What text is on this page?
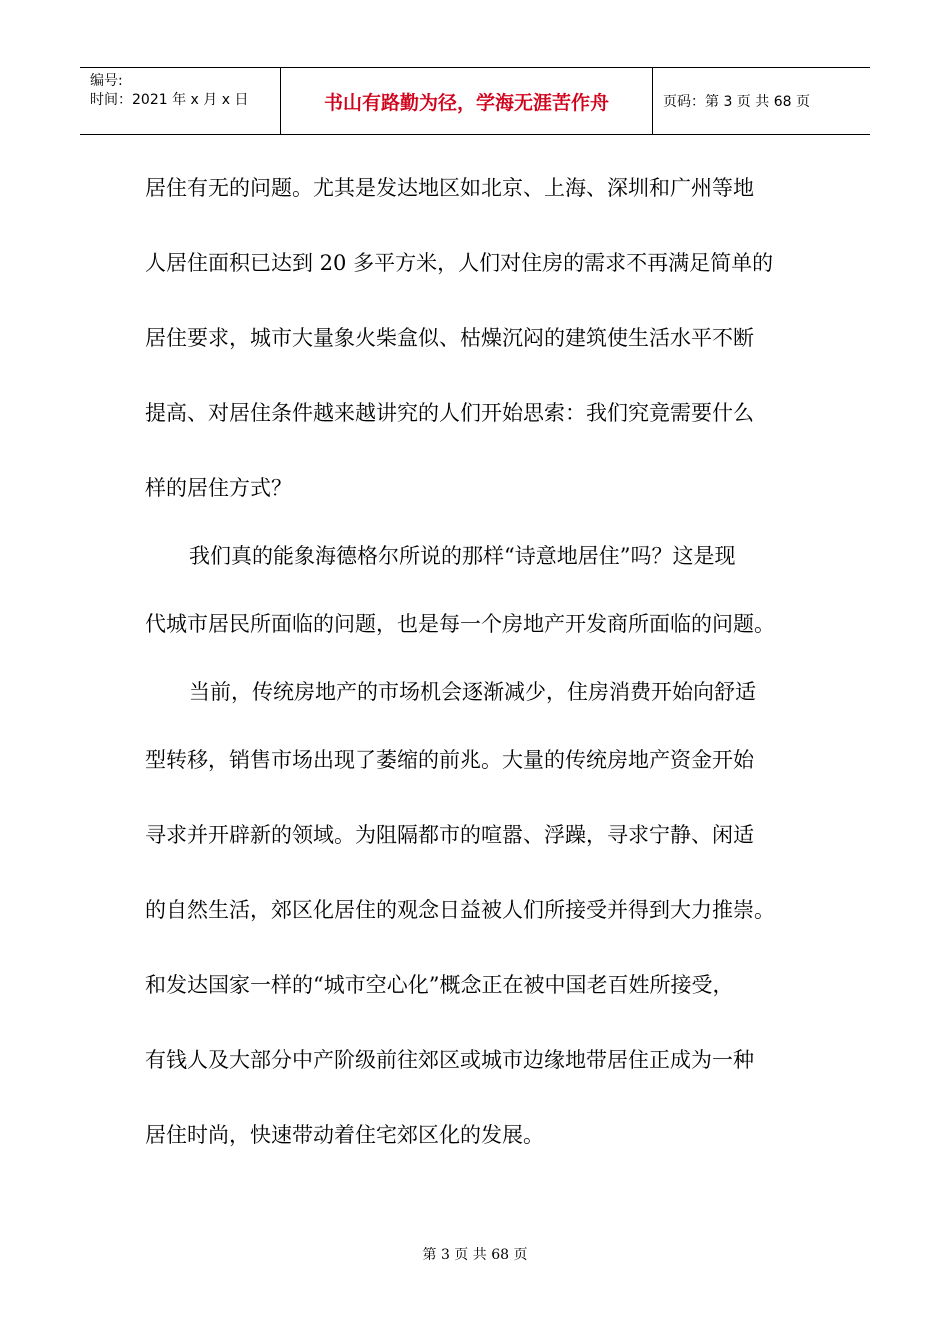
编号:
时间：2021 年 x 月 x 日	书山有路勤为径，学海无涯苦作舟	页码：第 3 页 共 68 页
居住有无的问题。尤其是发达地区如北京、上海、深圳和广州等地
人居住面积已达到 20 多平方米，人们对住房的需求不再满足简单的
居住要求，城市大量象火柴盒似、枯燥沉闷的建筑使生活水平不断
提高、对居住条件越来越讲究的人们开始思索：我们究竟需要什么
样的居住方式？
我们真的能象海德格尔所说的那样“诗意地居住”吗？这是现
代城市居民所面临的问题，也是每一个房地产开发商所面临的问题。
当前，传统房地产的市场机会逐渐减少，住房消费开始向舒适
型转移，销售市场出现了萎缩的前兆。大量的传统房地产资金开始
寻求并开辟新的领域。为阻隔都市的喧嚣、浮躁，寻求宁静、闲适
的自然生活，郊区化居住的观念日益被人们所接受并得到大力推崇。
和发达国家一样的“城市空心化”概念正在被中国老百姓所接受，
有钱人及大部分中产阶级前往郊区或城市边缘地带居住正成为一种
居住时尚，快速带动着住宅郊区化的发展。
第 3 页 共 68 页
